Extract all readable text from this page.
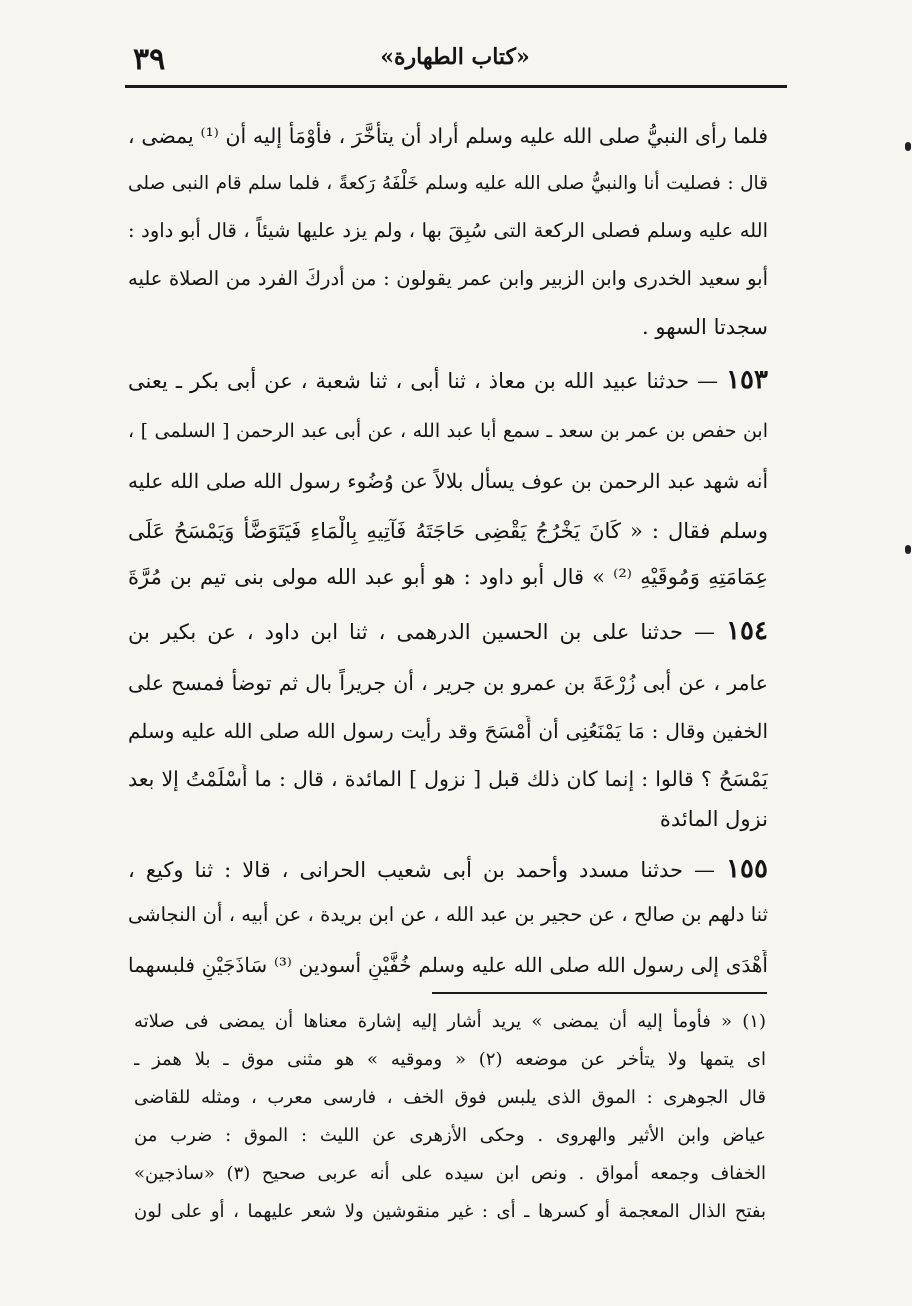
٣٩	«كتاب الطهارة»
فلما رأى النبيُّ صلى الله عليه وسلم أراد أن يتأخَّرَ ، فأَوْمَأَ إليه أن ⁽¹⁾ يمضى ،
قال : فصليت أنا والنبيُّ صلى الله عليه وسلم خَلْفَهُ رَكعةً ، فلما سلم قام النبى صلى
الله عليه وسلم فصلى الركعة التى سُبِقَ بها ، ولم يزد عليها شيئاً ، قال أبو داود :
أبو سعيد الخدرى وابن الزبير وابن عمر يقولون : من أدركَ الفرد من الصلاة عليه
سجدتا السهو .
١٥٣ — حدثنا عبيد الله بن معاذ ، ثنا أبى ، ثنا شعبة ، عن أبى بكر ـ يعنى
ابن حفص بن عمر بن سعد ـ سمع أبا عبد الله ، عن أبى عبد الرحمن [ السلمى ] ،
أنه شهد عبد الرحمن بن عوف يسأل بلالاً عن وُضُوء رسول الله صلى الله عليه
وسلم فقال : « كَانَ يَخْرُجُ يَقْضِى حَاجَتَهُ فَآتِيهِ بِالْمَاءِ فَيَتَوَضَّأُ وَيَمْسَحُ عَلَى
عِمَامَتِهِ وَمُوقَيْهِ ⁽²⁾ » قال أبو داود : هو أبو عبد الله مولى بنى تيم بن مُرَّةَ
١٥٤ — حدثنا على بن الحسين الدرهمى ، ثنا ابن داود ، عن بكير بن
عامر ، عن أبى زُرْعَةَ بن عمرو بن جرير ، أن جريراً بال ثم توضأ فمسح على
الخفين وقال : مَا يَمْنَعُنِى أن أَمْسَحَ وقد رأيت رسول الله صلى الله عليه وسلم
يَمْسَحُ ؟ قالوا : إنما كان ذلك قبل [ نزول ] المائدة ، قال : ما أَسْلَمْتُ إلا بعد
نزول المائدة
١٥٥ — حدثنا مسدد وأحمد بن أبى شعيب الحرانى ، قالا : ثنا وكيع ،
ثنا دلهم بن صالح ، عن حجير بن عبد الله ، عن ابن بريدة ، عن أبيه ، أن النجاشى
أَهْدَى إلى رسول الله صلى الله عليه وسلم خُفَّيْنِ أسودين ⁽³⁾ سَاذَجَيْنِ فلبسهما
(١) « فأومأ إليه أن يمضى » يريد أشار إليه إشارة معناها أن يمضى فى صلاته
اى يتمها ولا يتأخر عن موضعه (٢) « وموقيه » هو مثنى موق ـ بلا همز ـ
قال الجوهرى : الموق الذى يلبس فوق الخف ، فارسى معرب ، ومثله للقاضى
عياض وابن الأثير والهروى . وحكى الأزهرى عن الليث : الموق : ضرب من
الخفاف وجمعه أمواق . ونص ابن سيده على أنه عربى صحيح (٣) «ساذجين»
بفتح الذال المعجمة أو كسرها ـ أى : غير منقوشين ولا شعر عليهما ، أو على لون
